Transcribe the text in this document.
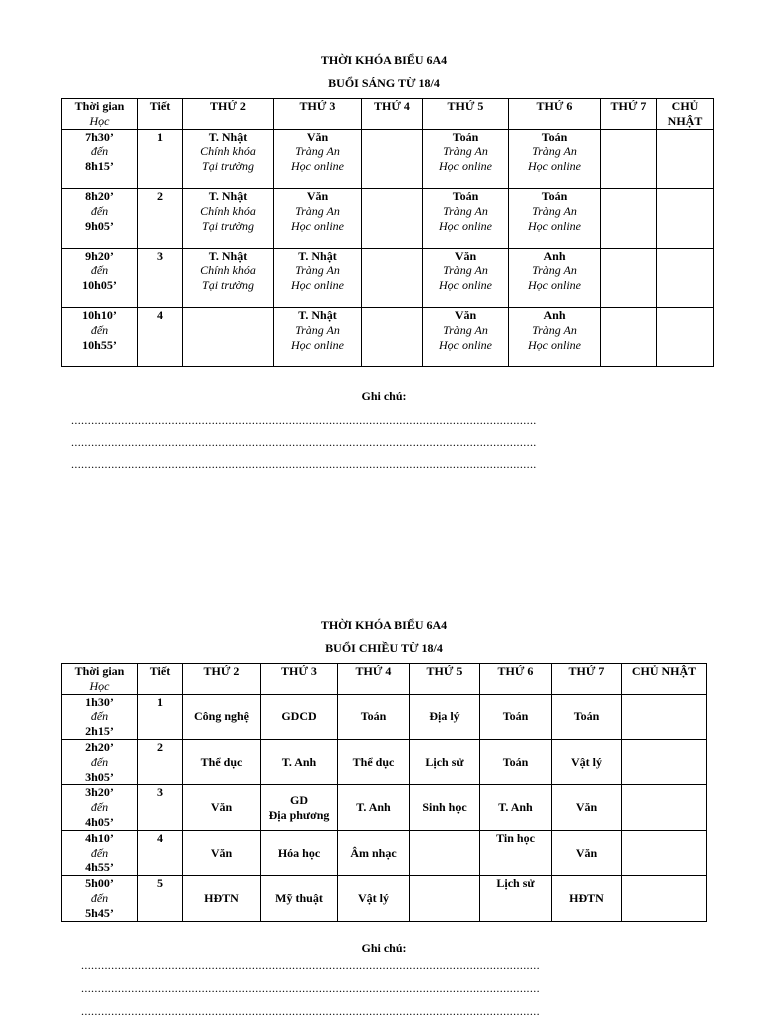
THỜI KHÓA BIỂU 6A4
BUỔI SÁNG TỪ 18/4
Thời gian
Học	Tiết	THỨ 2	THỨ 3	THỨ 4	THỨ 5	THỨ 6	THỨ 7	CHỦ
NHẬT

7h30’
đến
8h15’	1	T. Nhật
Chính khóa
Tại trường	Văn
Tràng An
Học online		Toán
Tràng An
Học online	Toán
Tràng An
Học online		

8h20’
đến
9h05’	2	T. Nhật
Chính khóa
Tại trường	Văn
Tràng An
Học online		Toán
Tràng An
Học online	Toán
Tràng An
Học online		

9h20’
đến
10h05’	3	T. Nhật
Chính khóa
Tại trường	T. Nhật
Tràng An
Học online		Văn
Tràng An
Học online	Anh
Tràng An
Học online		

10h10’
đến
10h55’	4		T. Nhật
Tràng An
Học online		Văn
Tràng An
Học online	Anh
Tràng An
Học online		

Ghi chú:
...........................................................................................................................................
...........................................................................................................................................
...........................................................................................................................................
THỜI KHÓA BIỂU 6A4
BUỔI CHIỀU TỪ 18/4
Thời gian
Học	Tiết	THỨ 2	THỨ 3	THỨ 4	THỨ 5	THỨ 6	THỨ 7	CHỦ NHẬT

1h30’
đến
2h15’	1	Công nghệ	GDCD	Toán	Địa lý	Toán	Toán	

2h20’
đến
3h05’	2	Thể dục	T. Anh	Thể dục	Lịch sử	Toán	Vật lý	

3h20’
đến
4h05’	3	Văn	GD
Địa phương	T. Anh	Sinh học	T. Anh	Văn	

4h10’
đến
4h55’	4	Văn	Hóa học	Âm nhạc		Tin học	Văn	

5h00’
đến
5h45’	5	HĐTN	Mỹ thuật	Vật lý		Lịch sử	HĐTN	

Ghi chú:
.........................................................................................................................................
.........................................................................................................................................
.........................................................................................................................................
